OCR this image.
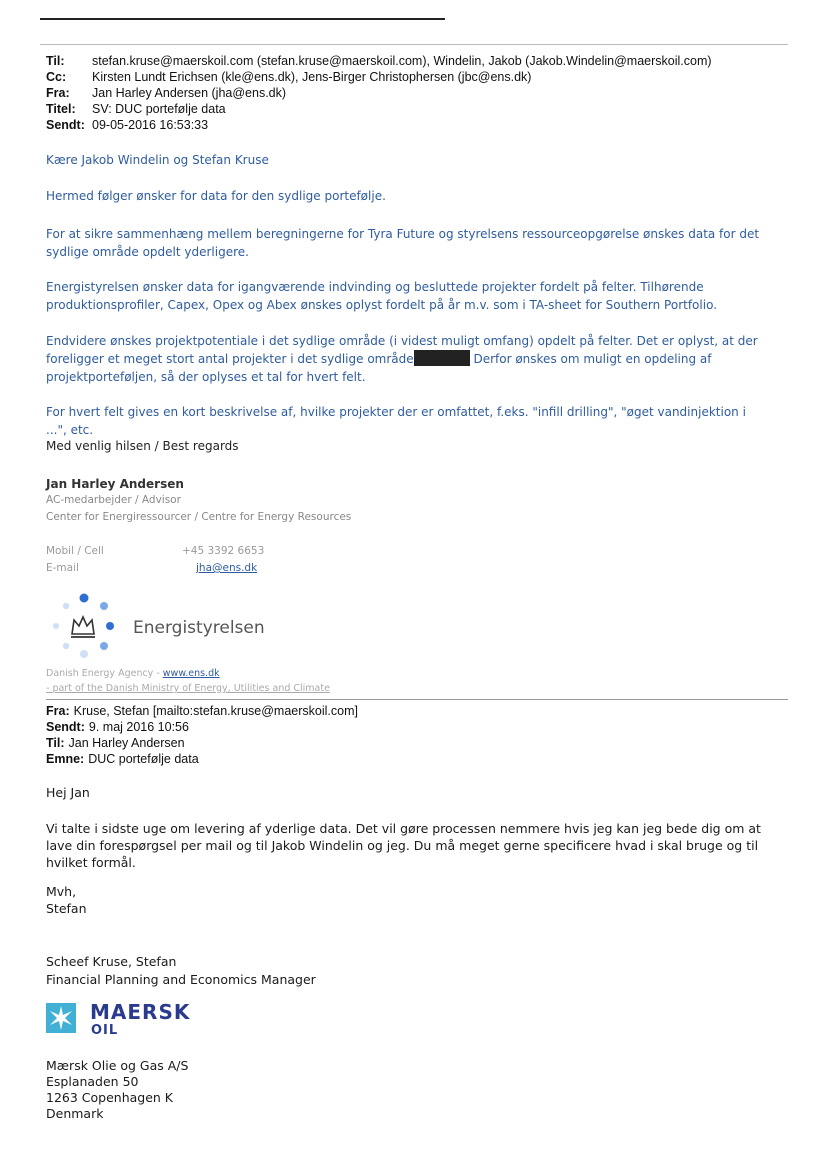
Til: stefan.kruse@maerskoil.com (stefan.kruse@maerskoil.com), Windelin, Jakob (Jakob.Windelin@maerskoil.com)
Cc: Kirsten Lundt Erichsen (kle@ens.dk), Jens-Birger Christophersen (jbc@ens.dk)
Fra: Jan Harley Andersen (jha@ens.dk)
Titel: SV: DUC portefølje data
Sendt: 09-05-2016 16:53:33

Kære Jakob Windelin og Stefan Kruse

Hermed følger ønsker for data for den sydlige portefølje.

For at sikre sammenhæng mellem beregningerne for Tyra Future og styrelsens ressourceopgørelse ønskes data for det sydlige område opdelt yderligere.

Energistyrelsen ønsker data for igangværende indvinding og besluttede projekter fordelt på felter. Tilhørende produktionsprofiler, Capex, Opex og Abex ønskes oplyst fordelt på år m.v. som i TA-sheet for Southern Portfolio.

Endvidere ønskes projektpotentiale i det sydlige område (i videst muligt omfang) opdelt på felter. Det er oplyst, at der foreligger et meget stort antal projekter i det sydlige område	Derfor ønskes om muligt en opdeling af projektporteføljen, så der oplyses et tal for hvert felt.

For hvert felt gives en kort beskrivelse af, hvilke projekter der er omfattet, f.eks. "infill drilling", "øget vandinjektion i ...", etc.

Med venlig hilsen / Best regards
Jan Harley Andersen
AC-medarbejder / Advisor
Center for Energiressourcer / Centre for Energy Resources
Mobil / Cell	+45 3392 6653
E-mail	jha@ens.dk
Energistyrelsen
Danish Energy Agency - www.ens.dk
- part of the Danish Ministry of Energy, Utilities and Climate
Fra: Kruse, Stefan [mailto:stefan.kruse@maerskoil.com]
Sendt: 9. maj 2016 10:56
Til: Jan Harley Andersen
Emne: DUC portefølje data

Hej Jan

Vi talte i sidste uge om levering af yderlige data. Det vil gøre processen nemmere hvis jeg kan jeg bede dig om at lave din forespørgsel per mail og til Jakob Windelin og jeg. Du må meget gerne specificere hvad i skal bruge og til hvilket formål.

Mvh,

Stefan

Scheef Kruse, Stefan

Financial Planning and Economics Manager

MAERSK
OIL

Mærsk Olie og Gas A/S

Esplanaden 50

1263 Copenhagen K

Denmark
